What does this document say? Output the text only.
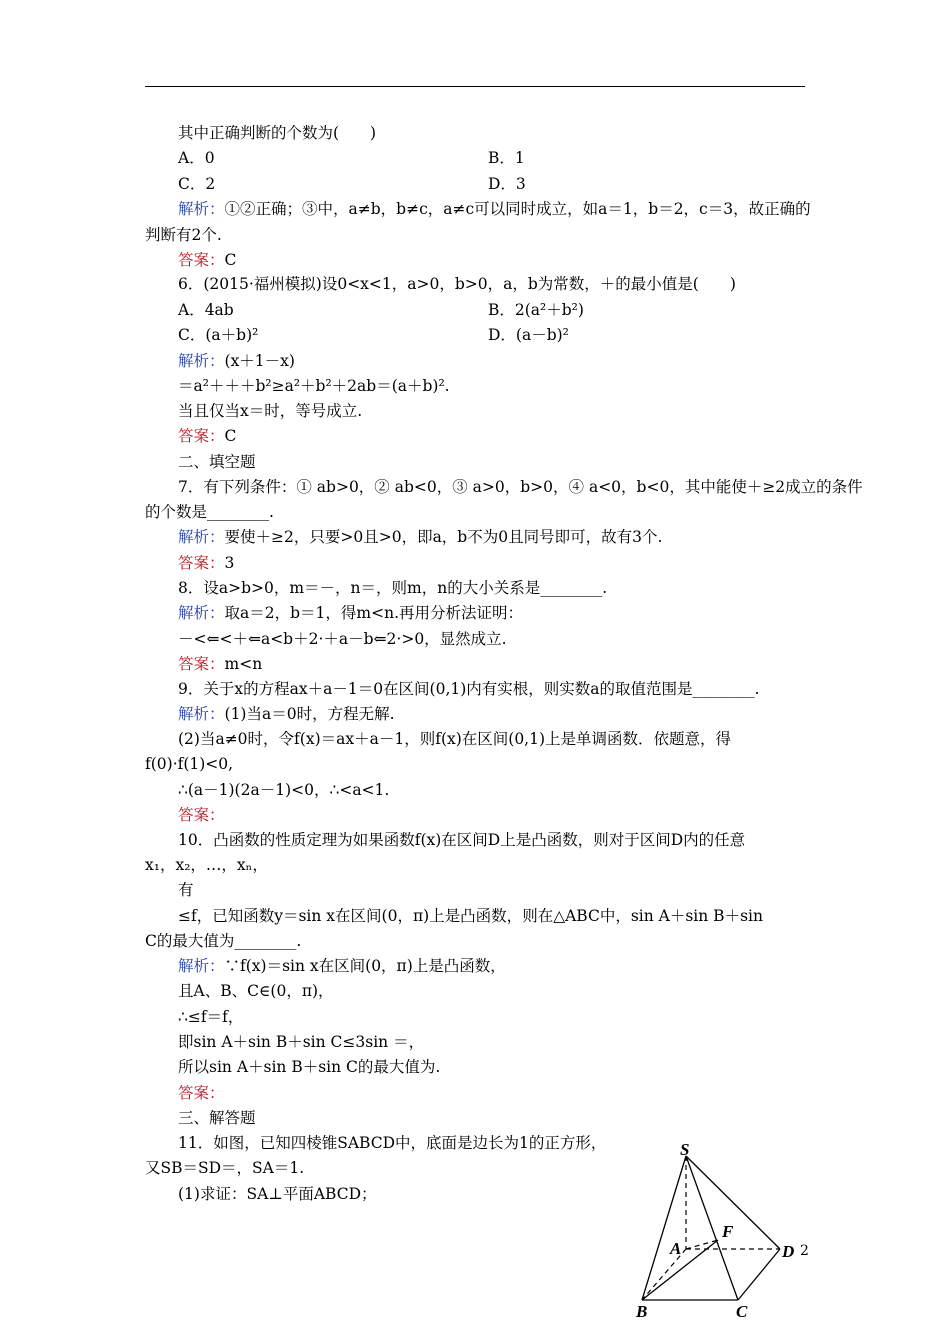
其中正确判断的个数为(　　)
A．0
C．2
判断有2个.
6．(2015·福州模拟)设0<x<1，a>0，b>0，a，b为常数，＋的最小值是(　　)
A．4ab
C．(a＋b)²
＝a²＋＋＋b²≥a²＋b²＋2ab＝(a＋b)².
当且仅当x＝时，等号成立.
二、填空题
7．有下列条件：① ab>0，② ab<0，③ a>0，b>0，④ a<0，b<0，其中能使＋≥2成立的条件
的个数是________.
8．设a>b>0，m＝－，n＝，则m，n的大小关系是________.
－<⇐<＋⇐a<b＋2·＋a－b⇐2·>0，显然成立.
9．关于x的方程ax＋a－1＝0在区间(0,1)内有实根，则实数a的取值范围是________.
(2)当a≠0时，令f(x)＝ax＋a－1，则f(x)在区间(0,1)上是单调函数．依题意，得
f(0)·f(1)<0,
∴(a－1)(2a－1)<0，∴<a<1.
10．凸函数的性质定理为如果函数f(x)在区间D上是凸函数，则对于区间D内的任意
x₁，x₂，…，xₙ，
有
≤f，已知函数y＝sin x在区间(0，π)上是凸函数，则在△ABC中，sin A＋sin B＋sin
C的最大值为________.
且A、B、C∈(0，π)，
∴≤f＝f，
即sin A＋sin B＋sin C≤3sin ＝，
所以sin A＋sin B＋sin C的最大值为.
三、解答题
11．如图，已知四棱锥SABCD中，底面是边长为1的正方形，
又SB＝SD＝，SA＝1.
(1)求证：SA⊥平面ABCD；
B．1
D．3
B．2(a²＋b²)
D．(a－b)²
解析：①②正确；③中，a≠b，b≠c，a≠c可以同时成立，如a＝1，b＝2，c＝3，故正确的
解析：(x＋1－x)
解析：要使＋≥2，只要>0且>0，即a，b不为0且同号即可，故有3个.
解析：取a＝2，b＝1，得m<n.再用分析法证明：
解析：(1)当a＝0时，方程无解.
解析：∵f(x)＝sin x在区间(0，π)上是凸函数，
答案：C
答案：C
答案：3
答案：m<n
答案：
答案：
S
A
F
D
B	C
2
